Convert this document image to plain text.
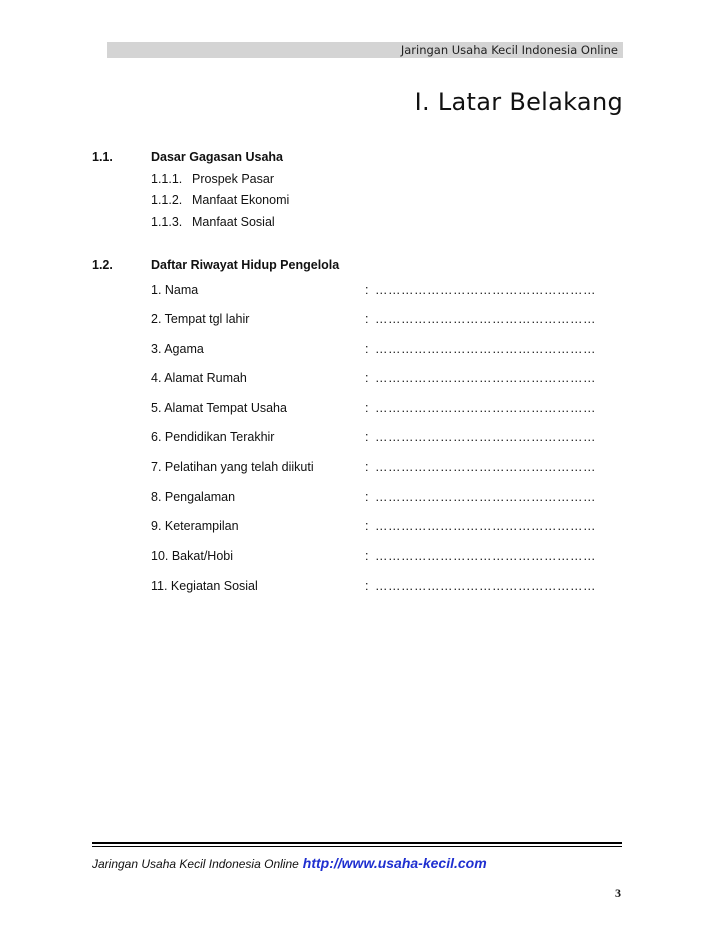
Jaringan Usaha Kecil Indonesia Online
I. Latar Belakang
1.1.	Dasar Gagasan Usaha
1.1.1. Prospek Pasar
1.1.2. Manfaat Ekonomi
1.1.3. Manfaat Sosial
1.2.	Daftar Riwayat Hidup Pengelola
1. Nama	: ……………………………………………
2. Tempat tgl lahir	: ……………………………………………
3. Agama	: ……………………………………………
4. Alamat Rumah	: ……………………………………………
5. Alamat Tempat Usaha	: ……………………………………………
6. Pendidikan Terakhir	: ……………………………………………
7. Pelatihan yang telah diikuti	: ……………………………………………
8. Pengalaman	: ……………………………………………
9. Keterampilan	: ……………………………………………
10. Bakat/Hobi	: ……………………………………………
11. Kegiatan Sosial	: ……………………………………………
Jaringan Usaha Kecil Indonesia Online http://www.usaha-kecil.com
3
